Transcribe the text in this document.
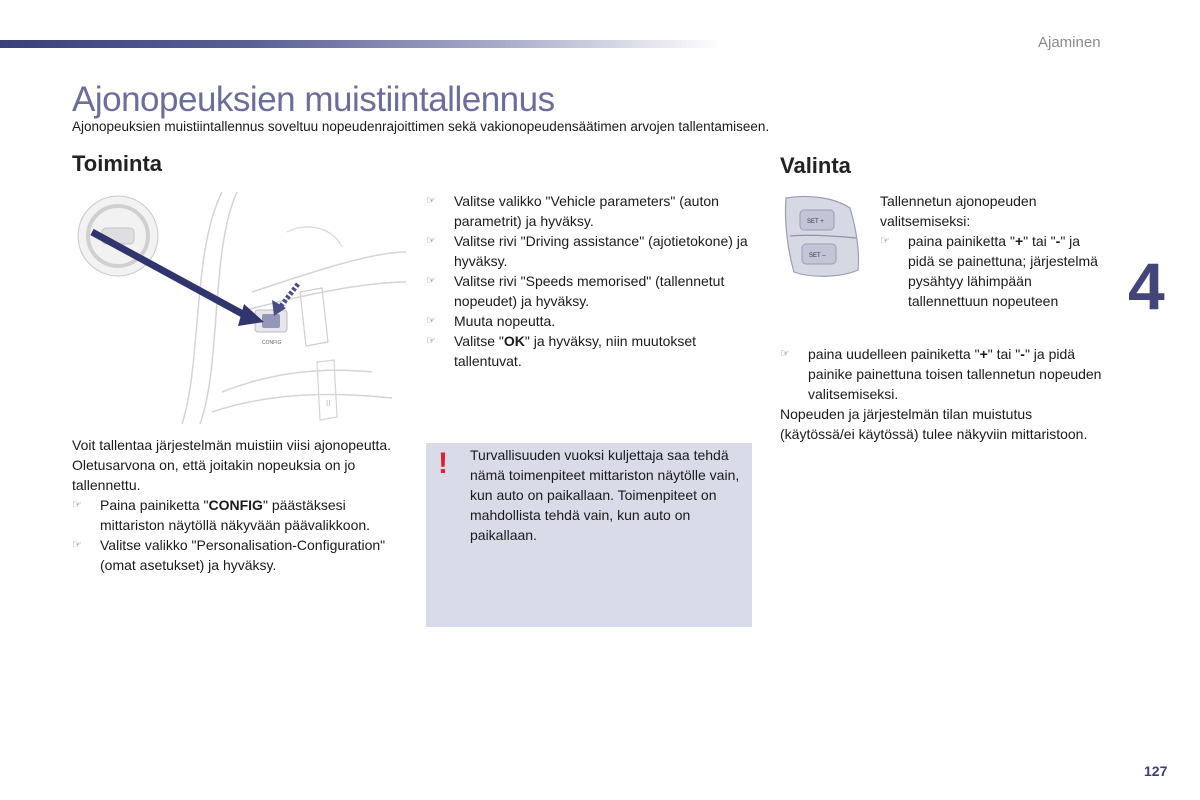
Ajaminen
4
Ajonopeuksien muistiintallennus

Ajonopeuksien muistiintallennus soveltuu nopeudenrajoittimen sekä vakionopeudensäätimen arvojen tallentamiseen.

Toiminta
II
CONFIG
☞	Valitse valikko "Vehicle parameters" (auton parametrit) ja hyväksy.
☞	Valitse rivi "Driving assistance" (ajotietokone) ja hyväksy.
☞	Valitse rivi "Speeds memorised" (tallennetut nopeudet) ja hyväksy.
☞	Muuta nopeutta.
☞	Valitse "OK" ja hyväksy, niin muutokset tallentuvat.

Voit tallentaa järjestelmän muistiin viisi ajonopeutta.

Oletusarvona on, että joitakin nopeuksia on jo tallennettu.

☞	Paina painiketta "CONFIG" päästäksesi mittariston näytöllä näkyvään päävalikkoon.
☞	Valitse valikko "Personalisation-Configuration" (omat asetukset) ja hyväksy.
! Turvallisuuden vuoksi kuljettaja saa tehdä nämä toimenpiteet mittariston näytölle vain, kun auto on paikallaan. Toimenpiteet on mahdollista tehdä vain, kun auto on paikallaan.

Valinta
SET +
SET –

Tallennetun ajonopeuden valitsemiseksi:

☞	paina painiketta "+" tai "-" ja pidä se painettuna; järjestelmä pysähtyy lähimpään tallennettuun nopeuteen
☞	paina uudelleen painiketta "+" tai "-" ja pidä painike painettuna toisen tallennetun nopeuden valitsemiseksi.

Nopeuden ja järjestelmän tilan muistutus (käytössä/ei käytössä) tulee näkyviin mittaristoon.

127
